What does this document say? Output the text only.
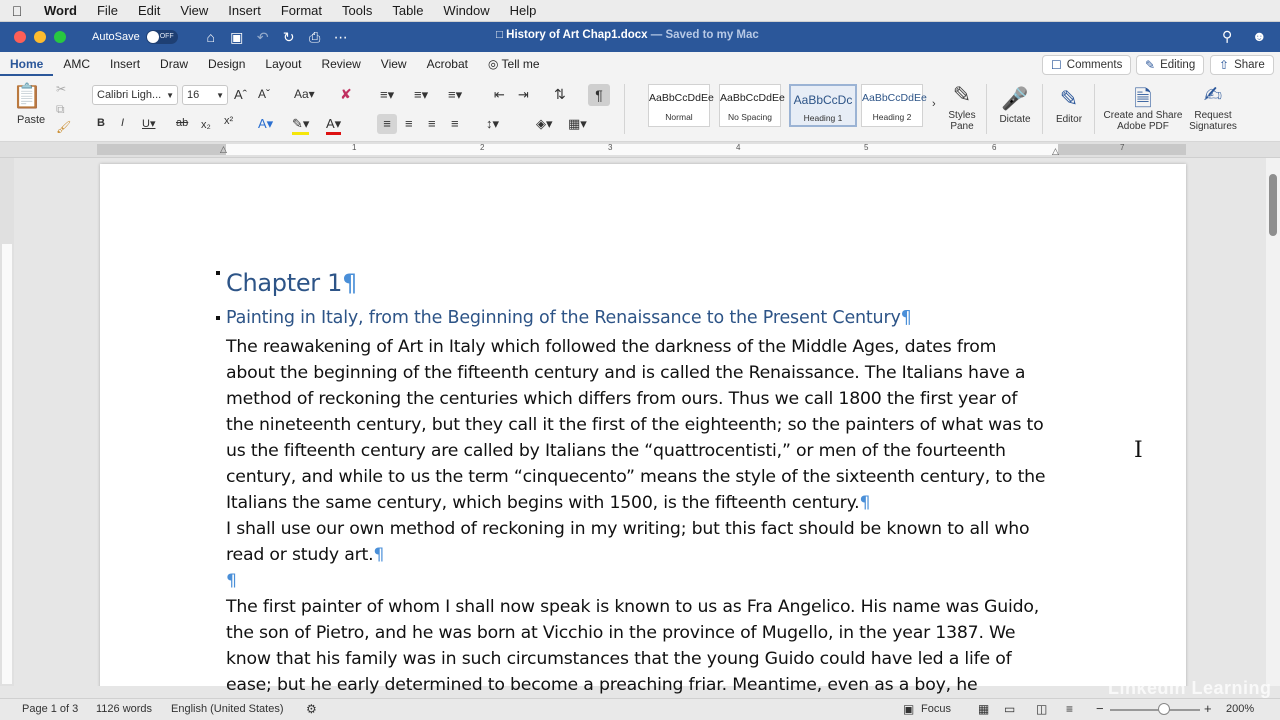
Word	File	Edit	View	Insert	Format	Tools	Table	Window	Help
AutoSave	OFF	⌂	▣ ↶	↻	⎙ ⋯	□ History of Art Chap1.docx — Saved to my Mac	⚲ ☻
Home	AMC	Insert	Draw	Design	Layout	Review	View	Acrobat	◎ Tell me	☐ Comments ✎ Editing ⇧ Share
📋
Paste
✂
⧉
🖌
Calibri Ligh... ▼ 16 ▼ Aˆ Aˇ Aa▾ ✘
B I U▾ ab x₂ x² A▾ ✎▾ A▾
≡▾ ≡▾ ≡▾ ⇤ ⇥ ⇅	¶
≡	≡ ≡ ≡ ↕▾	◈▾ ▦▾
AaBbCcDdEe
Normal
AaBbCcDdEe
No Spacing
AaBbCcDc
Heading 1
AaBbCcDdEe
Heading 2
› ✎
Styles Pane
🎤
Dictate
✎
Editor
🗎
Create and Share Adobe PDF
✍
Request Signatures
1	2	3	4	5	6	7
△	△
Chapter 1¶
Painting in Italy, from the Beginning of the Renaissance to the Present Century¶
The reawakening of Art in Italy which followed the darkness of the Middle Ages, dates from
about the beginning of the fifteenth century and is called the Renaissance. The Italians have a
method of reckoning the centuries which differs from ours. Thus we call 1800 the first year of
the nineteenth century, but they call it the first of the eighteenth; so the painters of what was to
us the fifteenth century are called by Italians the “quattrocentisti,” or men of the fourteenth
century, and while to us the term “cinquecento” means the style of the sixteenth century, to the
Italians the same century, which begins with 1500, is the fifteenth century.¶
I shall use our own method of reckoning in my writing; but this fact should be known to all who
read or study art.¶
¶
The first painter of whom I shall now speak is known to us as Fra Angelico. His name was Guido,
the son of Pietro, and he was born at Vicchio in the province of Mugello, in the year 1387. We
know that his family was in such circumstances that the young Guido could have led a life of
ease; but he early determined to become a preaching friar. Meantime, even as a boy, he
I
Page 1 of 3 1126 words English (United States) ⚙	▣ Focus ▦ ▭ ◫ ≡ −	+ 200%
LinkedIn Learning
